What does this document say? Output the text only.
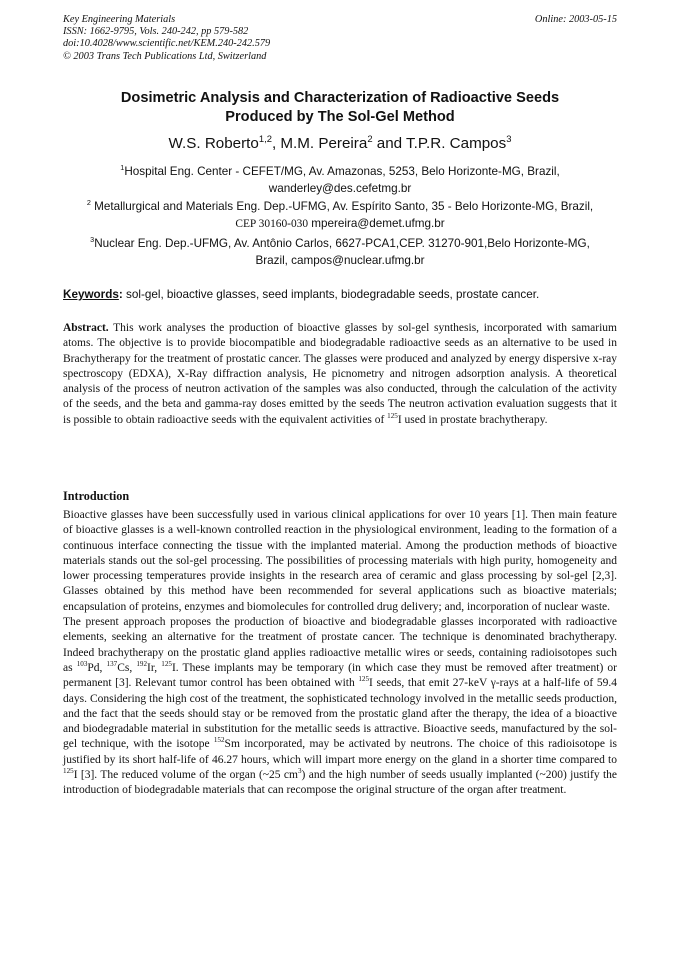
Key Engineering Materials
ISSN: 1662-9795, Vols. 240-242, pp 579-582
doi:10.4028/www.scientific.net/KEM.240-242.579
© 2003 Trans Tech Publications Ltd, Switzerland

Online: 2003-05-15
Dosimetric Analysis and Characterization of Radioactive Seeds
Produced by The Sol-Gel Method
W.S. Roberto$^{1,2}$, M.M. Pereira$^2$ and T.P.R. Campos$^3$
$^1$Hospital Eng. Center - CEFET/MG, Av. Amazonas, 5253, Belo Horizonte-MG, Brazil,
wanderley@des.cefetmg.br
$^2$ Metallurgical and Materials Eng. Dep.-UFMG, Av. Espírito Santo, 35 - Belo Horizonte-MG, Brazil,
CEP 30160-030 mpereira@demet.ufmg.br
$^3$Nuclear Eng. Dep.-UFMG, Av. Antônio Carlos, 6627-PCA1,CEP. 31270-901,Belo Horizonte-MG,
Brazil, campos@nuclear.ufmg.br
Keywords: sol-gel, bioactive glasses, seed implants, biodegradable seeds, prostate cancer.

Abstract. This work analyses the production of bioactive glasses by sol-gel synthesis, incorporated with samarium atoms. The objective is to provide biocompatible and biodegradable radioactive seeds as an alternative to be used in Brachytherapy for the treatment of prostatic cancer. The glasses were produced and analyzed by energy dispersive x-ray spectroscopy (EDXA), X-Ray diffraction analysis, He picnometry and nitrogen adsorption analysis. A theoretical analysis of the process of neutron activation of the samples was also conducted, through the calculation of the activity of the seeds, and the beta and gamma-ray doses emitted by the seeds The neutron activation evaluation suggests that it is possible to obtain radioactive seeds with the equivalent activities of $^{125}$I used in prostate brachytherapy.

Introduction

Bioactive glasses have been successfully used in various clinical applications for over 10 years [1]. Then main feature of bioactive glasses is a well-known controlled reaction in the physiological environment, leading to the formation of a continuous interface connecting the tissue with the implanted material. Among the production methods of bioactive materials stands out the sol-gel processing. The possibilities of processing materials with high purity, homogeneity and lower processing temperatures provide insights in the research area of ceramic and glass processing by sol-gel [2,3]. Glasses obtained by this method have been recommended for several applications such as bioactive materials; encapsulation of proteins, enzymes and biomolecules for controlled drug delivery; and, incorporation of nuclear waste.

The present approach proposes the production of bioactive and biodegradable glasses incorporated with radioactive elements, seeking an alternative for the treatment of prostate cancer. The technique is denominated brachytherapy. Indeed brachytherapy on the prostatic gland applies radioactive metallic wires or seeds, containing radioisotopes such as $^{103}$Pd, $^{137}$Cs, $^{192}$Ir, $^{125}$I. These implants may be temporary (in which case they must be removed after treatment) or permanent [3]. Relevant tumor control has been obtained with $^{125}$I seeds, that emit 27-keV γ-rays at a half-life of 59.4 days. Considering the high cost of the treatment, the sophisticated technology involved in the metallic seeds production, and the fact that the seeds should stay or be removed from the prostatic gland after the therapy, the idea of a bioactive and biodegradable material in substitution for the metallic seeds is attractive. Bioactive seeds, manufactured by the sol-gel technique, with the isotope $^{152}$Sm incorporated, may be activated by neutrons. The choice of this radioisotope is justified by its short half-life of 46.27 hours, which will impart more energy on the gland in a shorter time compared to $^{125}$I [3]. The reduced volume of the organ (~25 $cm^3$) and the high number of seeds usually implanted (~200) justify the introduction of biodegradable materials that can recompose the original structure of the organ after treatment.
